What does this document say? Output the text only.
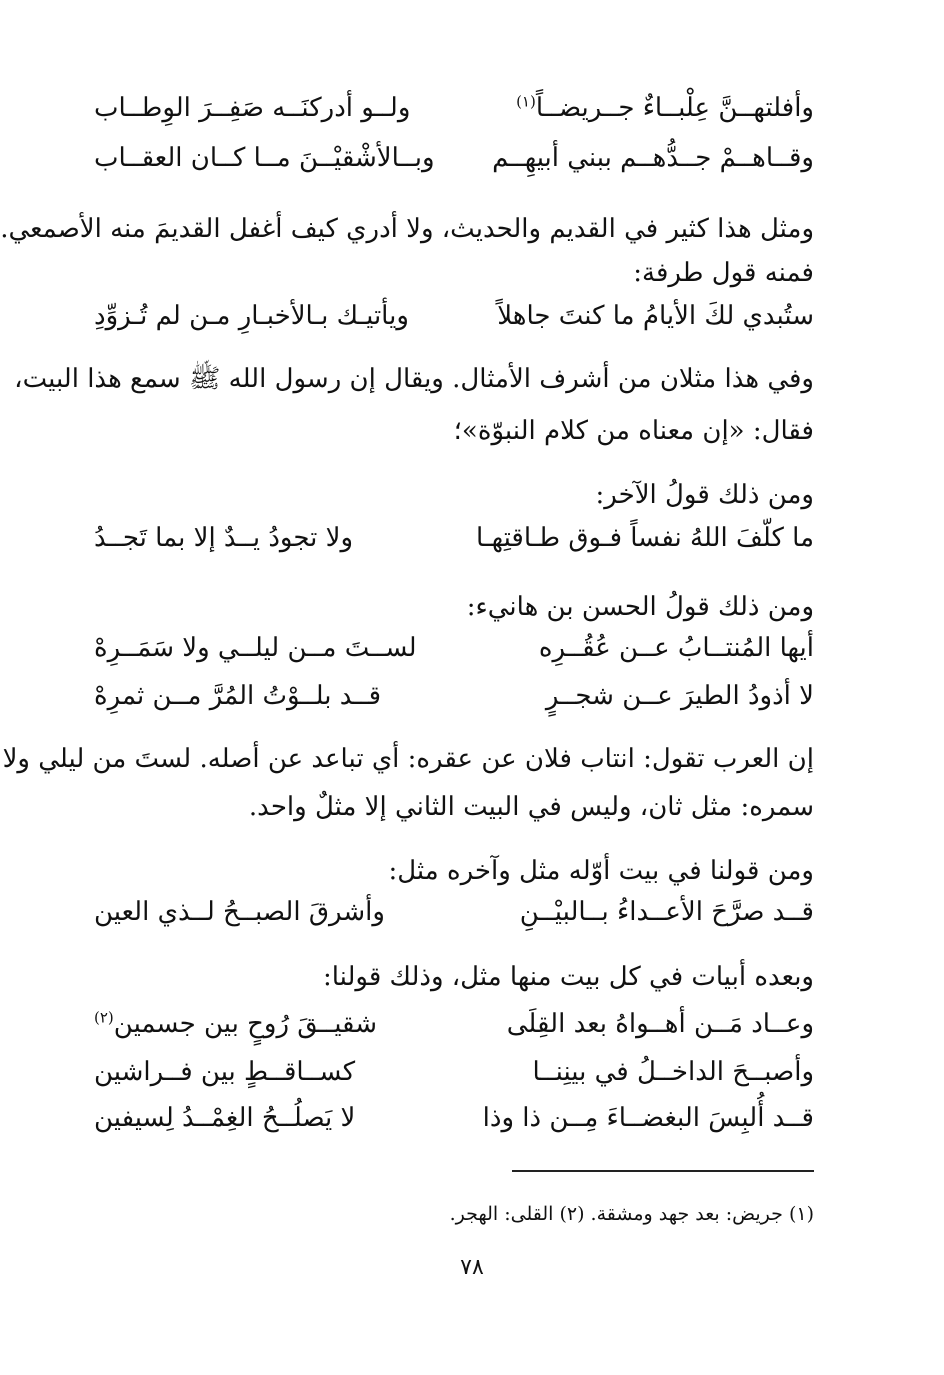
وأفلتهــنَّ عِلْبــاءٌ جــريضــاً$^{(١)}$
ولــو أدركنَــه صَفِــرَ الوِطــاب
وقــاهــمْ جــدُّهــم ببني أبيهِــم
وبــالأشْقيْــنَ مــا كــان العقــاب
ومثل هذا كثير في القديم والحديث، ولا أدري كيف أغفل القديمَ منه الأصمعي.
فمنه قول طرفة:
ستُبدي لكَ الأيامُ ما كنتَ جاهلاً
ويأتيـك بـالأخبـارِ مـن لم تُـزوِّدِ
وفي هذا مثلان من أشرف الأمثال. ويقال إن رسول الله ﷺ سمع هذا البيت،
فقال: «إن معناه من كلام النبوّة»؛
ومن ذلك قولُ الآخر:
ما كلّفَ اللهُ نفساً فـوق طـاقتِهـا
ولا تجودُ يــدٌ إلا بما تَجــدُ
ومن ذلك قولُ الحسن بن هانيء:
أيها المُنتــابُ عــن عُقُــرِه
لســتَ مــن ليلــي ولا سَمَــرِهْ
لا أذودُ الطيرَ عــن شجــرٍ
قــد بلــوْتُ المُرَّ مــن ثمرِهْ
إن العرب تقول: انتاب فلان عن عقره: أي تباعد عن أصله. لستَ من ليلي ولا
سمره: مثل ثان، وليس في البيت الثاني إلا مثلٌ واحد.
ومن قولنا في بيت أوّله مثل وآخره مثل:
قــد صرَّحَ الأعــداءُ بــالبيْــنِ
وأشرقَ الصبــحُ لــذي العين
وبعده أبيات في كل بيت منها مثل، وذلك قولنا:
وعــاد مَــن أهــواهُ بعد القِلَى
شقيــقَ رُوحٍ بين جسمين$^{(٢)}$
وأصبــحَ الداخــلُ في بينِنــا
كســاقــطٍ بين فــراشين
قــد أُلبِسَ البغضــاءَ مِــن ذا وذا
لا يَصلُــحُ الغِمْــدُ لِسيفين
(١) جريض: بعد جهد ومشقة. (٢) القلى: الهجر.
٧٨
